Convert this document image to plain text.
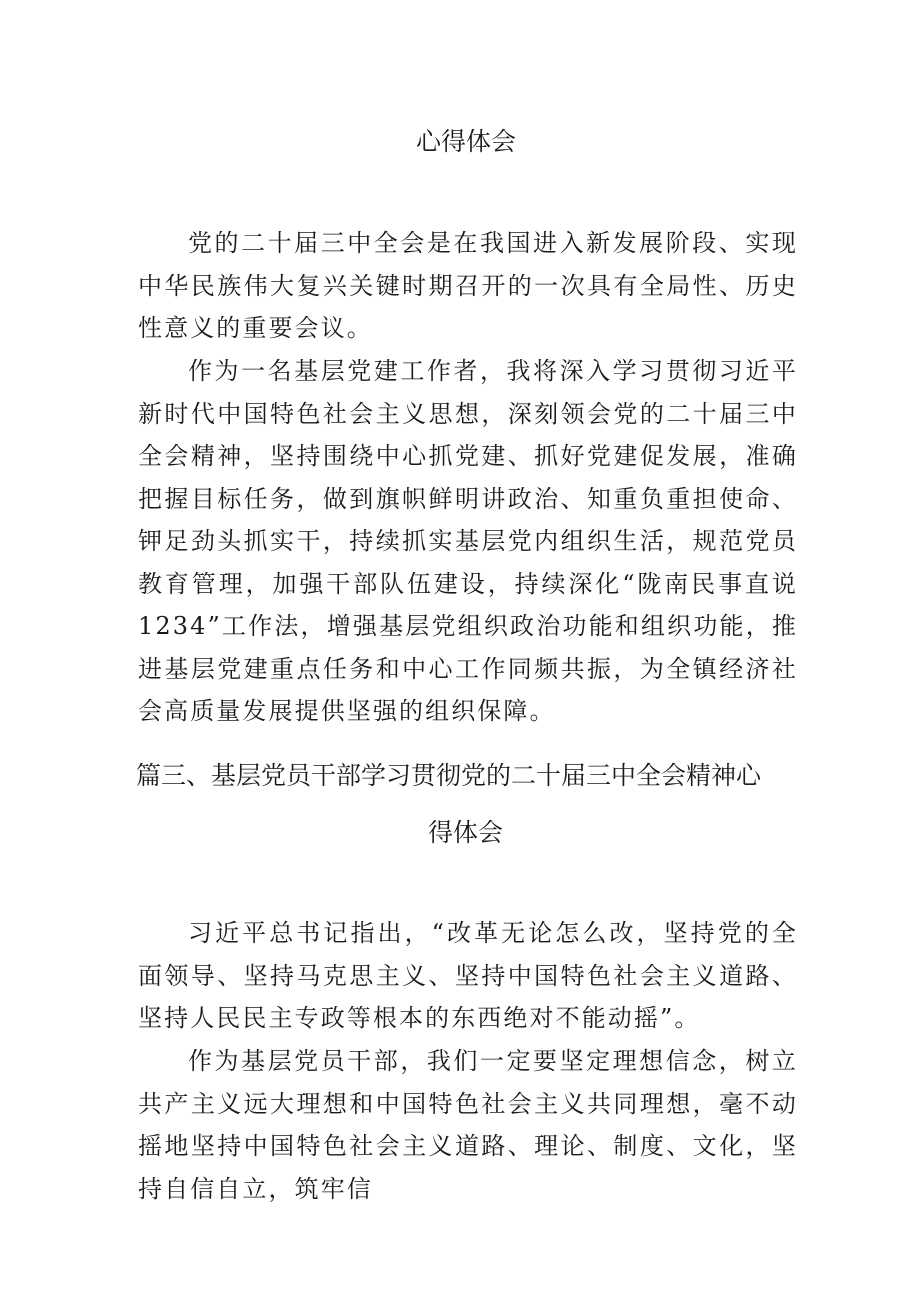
心得体会

党的二十届三中全会是在我国进入新发展阶段、实现中华民族伟大复兴关键时期召开的一次具有全局性、历史性意义的重要会议。

作为一名基层党建工作者，我将深入学习贯彻习近平新时代中国特色社会主义思想，深刻领会党的二十届三中全会精神，坚持围绕中心抓党建、抓好党建促发展，准确把握目标任务，做到旗帜鲜明讲政治、知重负重担使命、钾足劲头抓实干，持续抓实基层党内组织生活，规范党员教育管理，加强干部队伍建设，持续深化“陇南民事直说1234”工作法，增强基层党组织政治功能和组织功能，推进基层党建重点任务和中心工作同频共振，为全镇经济社会高质量发展提供坚强的组织保障。

篇三、基层党员干部学习贯彻党的二十届三中全会精神心
得体会

习近平总书记指出，“改革无论怎么改，坚持党的全面领导、坚持马克思主义、坚持中国特色社会主义道路、坚持人民民主专政等根本的东西绝对不能动摇”。

作为基层党员干部，我们一定要坚定理想信念，树立共产主义远大理想和中国特色社会主义共同理想，毫不动摇地坚持中国特色社会主义道路、理论、制度、文化，坚持自信自立，筑牢信
